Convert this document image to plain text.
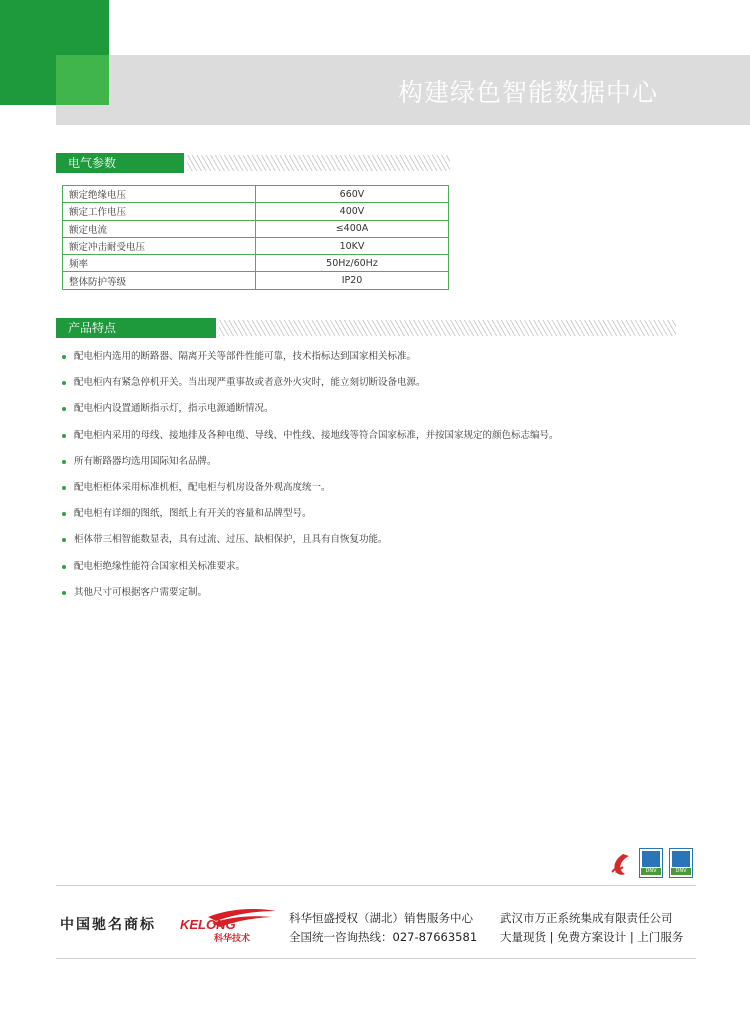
构建绿色智能数据中心
电气参数
额定绝缘电压	660V
额定工作电压	400V
额定电流	≤400A
额定冲击耐受电压	10KV
频率	50Hz/60Hz
整体防护等级	IP20
产品特点
配电柜内选用的断路器、隔离开关等部件性能可靠，技术指标达到国家相关标准。
配电柜内有紧急停机开关。当出现严重事故或者意外火灾时，能立刻切断设备电源。
配电柜内设置通断指示灯，指示电源通断情况。
配电柜内采用的母线、接地排及各种电缆、导线、中性线、接地线等符合国家标准，并按国家规定的颜色标志编号。
所有断路器均选用国际知名品牌。
配电柜柜体采用标准机柜，配电柜与机房设备外观高度统一。
配电柜有详细的图纸，图纸上有开关的容量和品牌型号。
柜体带三相智能数显表，具有过流、过压、缺相保护，且具有自恢复功能。
配电柜绝缘性能符合国家相关标准要求。
其他尺寸可根据客户需要定制。
DNV	DNV
中国驰名商标 KELONG
科华技术
科华恒盛授权（湖北）销售服务中心
全国统一咨询热线：027-87663581
武汉市万正系统集成有限责任公司
大量现货 | 免费方案设计 | 上门服务
